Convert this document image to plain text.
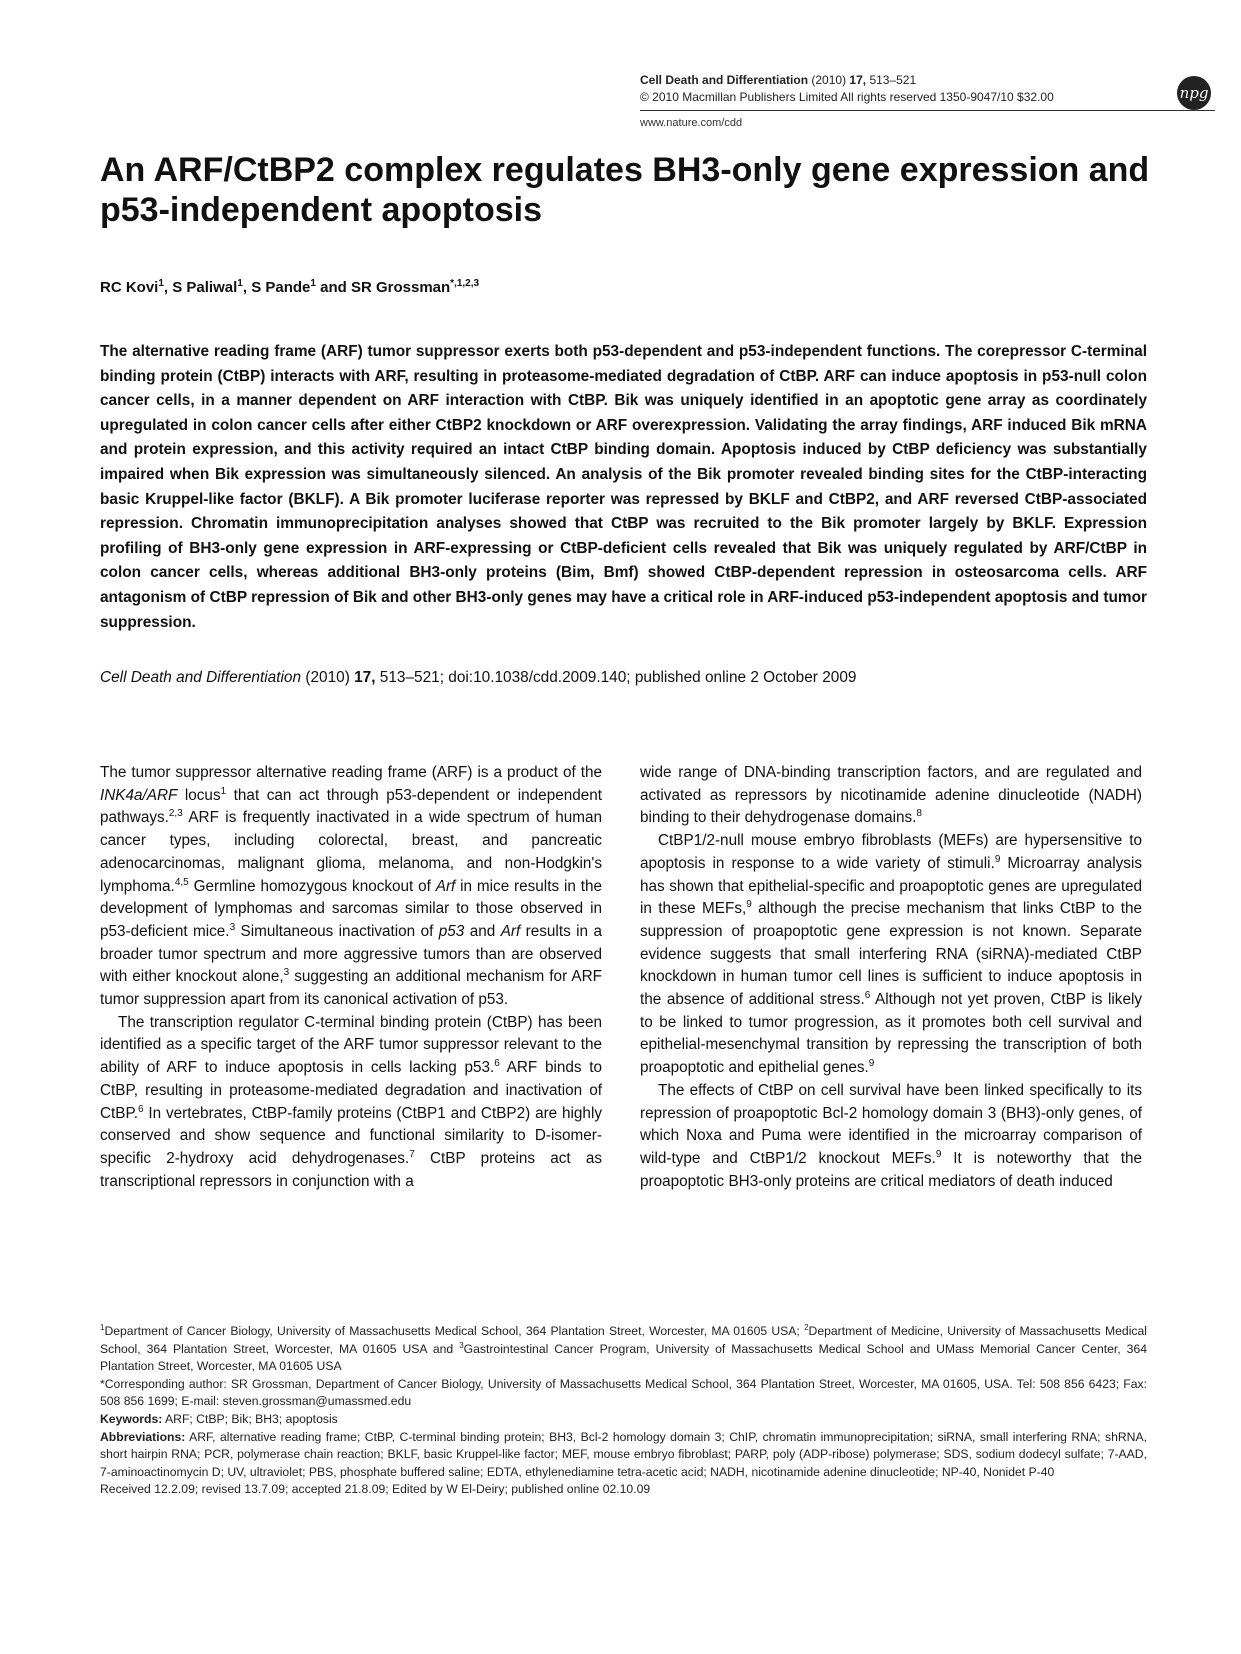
Cell Death and Differentiation (2010) 17, 513–521
© 2010 Macmillan Publishers Limited All rights reserved 1350-9047/10 $32.00	npg
www.nature.com/cdd
An ARF/CtBP2 complex regulates BH3-only gene expression and p53-independent apoptosis
RC Kovi$^1$, S Paliwal$^1$, S Pande$^1$ and SR Grossman$^{*,1,2,3}$

The alternative reading frame (ARF) tumor suppressor exerts both p53-dependent and p53-independent functions. The corepressor C-terminal binding protein (CtBP) interacts with ARF, resulting in proteasome-mediated degradation of CtBP. ARF can induce apoptosis in p53-null colon cancer cells, in a manner dependent on ARF interaction with CtBP. Bik was uniquely identified in an apoptotic gene array as coordinately upregulated in colon cancer cells after either CtBP2 knockdown or ARF overexpression. Validating the array findings, ARF induced Bik mRNA and protein expression, and this activity required an intact CtBP binding domain. Apoptosis induced by CtBP deficiency was substantially impaired when Bik expression was simultaneously silenced. An analysis of the Bik promoter revealed binding sites for the CtBP-interacting basic Kruppel-like factor (BKLF). A Bik promoter luciferase reporter was repressed by BKLF and CtBP2, and ARF reversed CtBP-associated repression. Chromatin immunoprecipitation analyses showed that CtBP was recruited to the Bik promoter largely by BKLF. Expression profiling of BH3-only gene expression in ARF-expressing or CtBP-deficient cells revealed that Bik was uniquely regulated by ARF/CtBP in colon cancer cells, whereas additional BH3-only proteins (Bim, Bmf) showed CtBP-dependent repression in osteosarcoma cells. ARF antagonism of CtBP repression of Bik and other BH3-only genes may have a critical role in ARF-induced p53-independent apoptosis and tumor suppression.

Cell Death and Differentiation (2010) 17, 513–521; doi:10.1038/cdd.2009.140; published online 2 October 2009

The tumor suppressor alternative reading frame (ARF) is a product of the INK4a/ARF locus$^1$ that can act through p53-dependent or independent pathways.$^{2,3}$ ARF is frequently inactivated in a wide spectrum of human cancer types, including colorectal, breast, and pancreatic adenocarcinomas, malignant glioma, melanoma, and non-Hodgkin's lymphoma.$^{4,5}$ Germline homozygous knockout of Arf in mice results in the development of lymphomas and sarcomas similar to those observed in p53-deficient mice.$^3$ Simultaneous inactivation of p53 and Arf results in a broader tumor spectrum and more aggressive tumors than are observed with either knockout alone,$^3$ suggesting an additional mechanism for ARF tumor suppression apart from its canonical activation of p53.

The transcription regulator C-terminal binding protein (CtBP) has been identified as a specific target of the ARF tumor suppressor relevant to the ability of ARF to induce apoptosis in cells lacking p53.$^6$ ARF binds to CtBP, resulting in proteasome-mediated degradation and inactivation of CtBP.$^6$ In vertebrates, CtBP-family proteins (CtBP1 and CtBP2) are highly conserved and show sequence and functional similarity to D-isomer-specific 2-hydroxy acid dehydrogenases.$^7$ CtBP proteins act as transcriptional repressors in conjunction with a

wide range of DNA-binding transcription factors, and are regulated and activated as repressors by nicotinamide adenine dinucleotide (NADH) binding to their dehydrogenase domains.$^8$

CtBP1/2-null mouse embryo fibroblasts (MEFs) are hypersensitive to apoptosis in response to a wide variety of stimuli.$^9$ Microarray analysis has shown that epithelial-specific and proapoptotic genes are upregulated in these MEFs,$^9$ although the precise mechanism that links CtBP to the suppression of proapoptotic gene expression is not known. Separate evidence suggests that small interfering RNA (siRNA)-mediated CtBP knockdown in human tumor cell lines is sufficient to induce apoptosis in the absence of additional stress.$^6$ Although not yet proven, CtBP is likely to be linked to tumor progression, as it promotes both cell survival and epithelial-mesenchymal transition by repressing the transcription of both proapoptotic and epithelial genes.$^9$

The effects of CtBP on cell survival have been linked specifically to its repression of proapoptotic Bcl-2 homology domain 3 (BH3)-only genes, of which Noxa and Puma were identified in the microarray comparison of wild-type and CtBP1/2 knockout MEFs.$^9$ It is noteworthy that the proapoptotic BH3-only proteins are critical mediators of death induced

$^1$Department of Cancer Biology, University of Massachusetts Medical School, 364 Plantation Street, Worcester, MA 01605 USA; $^2$Department of Medicine, University of Massachusetts Medical School, 364 Plantation Street, Worcester, MA 01605 USA and $^3$Gastrointestinal Cancer Program, University of Massachusetts Medical School and UMass Memorial Cancer Center, 364 Plantation Street, Worcester, MA 01605 USA

*Corresponding author: SR Grossman, Department of Cancer Biology, University of Massachusetts Medical School, 364 Plantation Street, Worcester, MA 01605, USA. Tel: 508 856 6423; Fax: 508 856 1699; E-mail: steven.grossman@umassmed.edu

Keywords: ARF; CtBP; Bik; BH3; apoptosis

Abbreviations: ARF, alternative reading frame; CtBP, C-terminal binding protein; BH3, Bcl-2 homology domain 3; ChIP, chromatin immunoprecipitation; siRNA, small interfering RNA; shRNA, short hairpin RNA; PCR, polymerase chain reaction; BKLF, basic Kruppel-like factor; MEF, mouse embryo fibroblast; PARP, poly (ADP-ribose) polymerase; SDS, sodium dodecyl sulfate; 7-AAD, 7-aminoactinomycin D; UV, ultraviolet; PBS, phosphate buffered saline; EDTA, ethylenediamine tetra-acetic acid; NADH, nicotinamide adenine dinucleotide; NP-40, Nonidet P-40

Received 12.2.09; revised 13.7.09; accepted 21.8.09; Edited by W El-Deiry; published online 02.10.09
